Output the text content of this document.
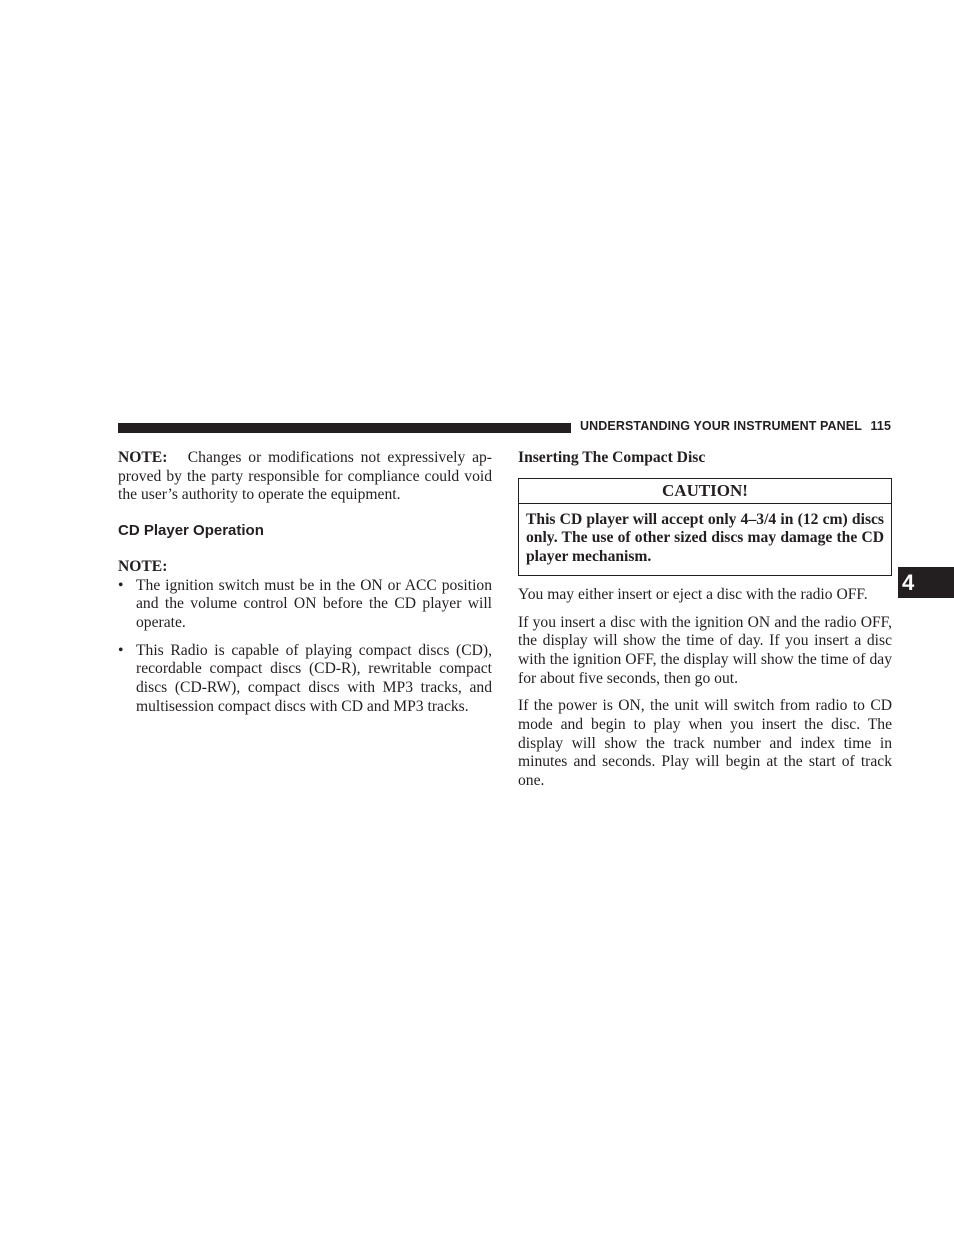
UNDERSTANDING YOUR INSTRUMENT PANEL 115
4

NOTE: Changes or modifications not expressively ap-proved by the party responsible for compliance could void the user’s authority to operate the equipment.

CD Player Operation
NOTE:
• The ignition switch must be in the ON or ACC position and the volume control ON before the CD player will operate.
• This Radio is capable of playing compact discs (CD), recordable compact discs (CD-R), rewritable compact discs (CD-RW), compact discs with MP3 tracks, and multisession compact discs with CD and MP3 tracks.
Inserting The Compact Disc
CAUTION!
This CD player will accept only 4–3/4 in (12 cm) discs only. The use of other sized discs may damage the CD player mechanism.

You may either insert or eject a disc with the radio OFF.

If you insert a disc with the ignition ON and the radio OFF, the display will show the time of day. If you insert a disc with the ignition OFF, the display will show the time of day for about five seconds, then go out.

If the power is ON, the unit will switch from radio to CD mode and begin to play when you insert the disc. The display will show the track number and index time in minutes and seconds. Play will begin at the start of track one.
